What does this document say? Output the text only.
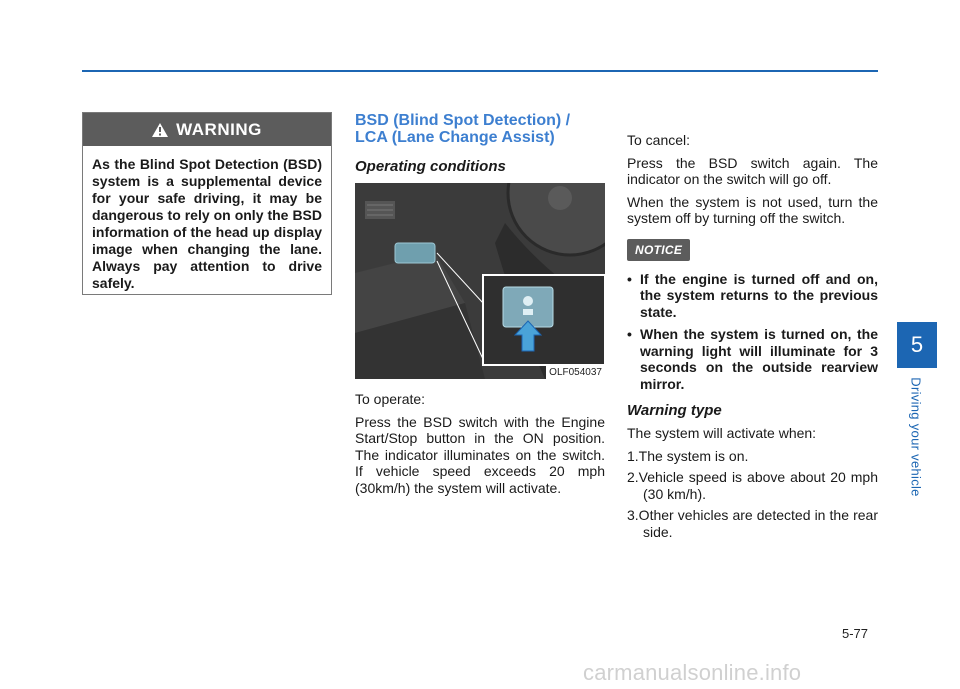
WARNING
As the Blind Spot Detection (BSD) system is a supplemental device for your safe driving, it may be dangerous to rely on only the BSD information of the head up display image when changing the lane. Always pay attention to drive safely.
BSD (Blind Spot Detection) / LCA (Lane Change Assist)
Operating conditions
OLF054037

To operate:

Press the BSD switch with the Engine Start/Stop button in the ON position. The indicator illuminates on the switch. If vehicle speed exceeds 20 mph (30km/h) the system will activate.

To cancel:

Press the BSD switch again. The indicator on the switch will go off.

When the system is not used, turn the system off by turning off the switch.

NOTICE
• If the engine is turned off and on, the system returns to the previous state.
• When the system is turned on, the warning light will illuminate for 3 seconds on the outside rearview mirror.
Warning type

The system will activate when:

1.The system is on.
2.Vehicle speed is above about 20 mph (30 km/h).
3.Other vehicles are detected in the rear side.
5
Driving your vehicle
5-77
carmanualsonline.info
